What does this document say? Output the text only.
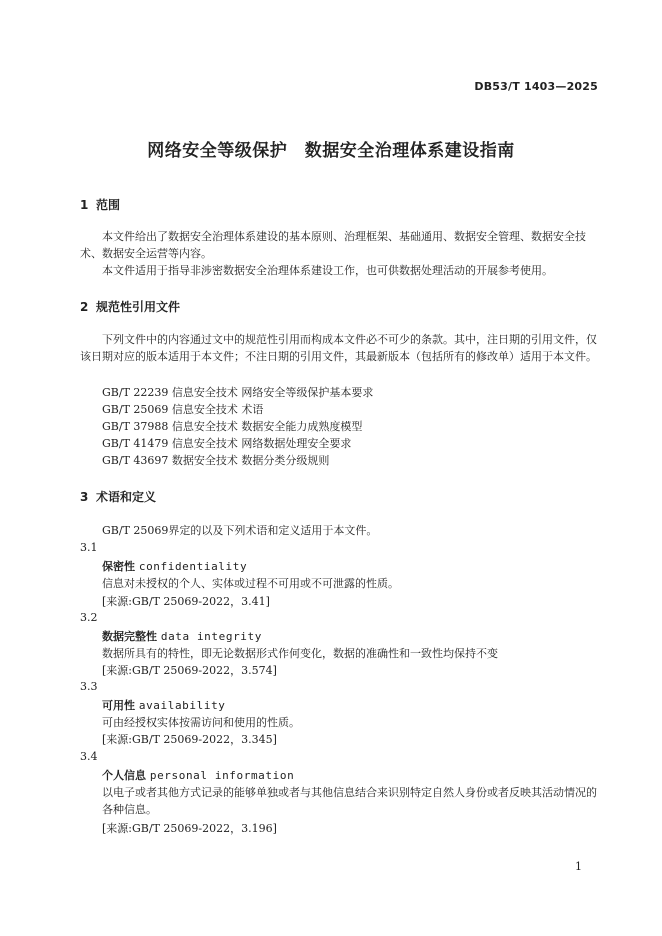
DB53/T 1403—2025
网络安全等级保护　数据安全治理体系建设指南
1 范围
本文件给出了数据安全治理体系建设的基本原则、治理框架、基础通用、数据安全管理、数据安全技术、数据安全运营等内容。
本文件适用于指导非涉密数据安全治理体系建设工作，也可供数据处理活动的开展参考使用。
2 规范性引用文件
下列文件中的内容通过文中的规范性引用而构成本文件必不可少的条款。其中，注日期的引用文件，仅该日期对应的版本适用于本文件；不注日期的引用文件，其最新版本（包括所有的修改单）适用于本文件。
GB/T 22239 信息安全技术 网络安全等级保护基本要求
GB/T 25069 信息安全技术 术语
GB/T 37988 信息安全技术 数据安全能力成熟度模型
GB/T 41479 信息安全技术 网络数据处理安全要求
GB/T 43697 数据安全技术 数据分类分级规则
3 术语和定义
GB/T 25069界定的以及下列术语和定义适用于本文件。
3.1
保密性 confidentiality
信息对未授权的个人、实体或过程不可用或不可泄露的性质。
[来源:GB/T 25069-2022，3.41]
3.2
数据完整性 data integrity
数据所具有的特性，即无论数据形式作何变化，数据的准确性和一致性均保持不变
[来源:GB/T 25069-2022，3.574]
3.3
可用性 availability
可由经授权实体按需访问和使用的性质。
[来源:GB/T 25069-2022，3.345]
3.4
个人信息 personal information
以电子或者其他方式记录的能够单独或者与其他信息结合来识别特定自然人身份或者反映其活动情况的各种信息。
[来源:GB/T 25069-2022，3.196]
1
